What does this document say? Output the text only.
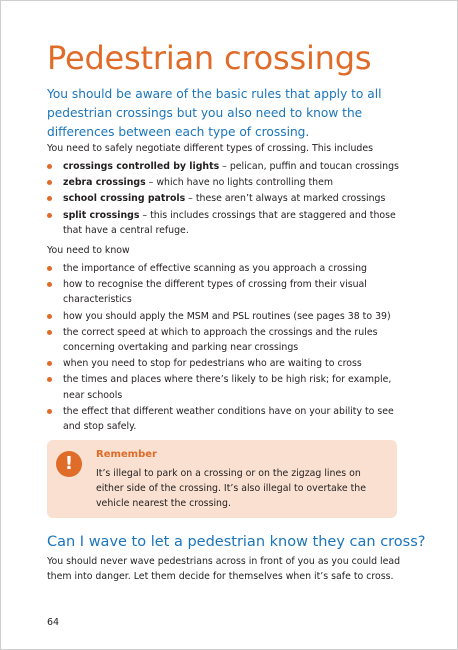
Pedestrian crossings

You should be aware of the basic rules that apply to all pedestrian crossings but you also need to know the differences between each type of crossing.

You need to safely negotiate different types of crossing. This includes

crossings controlled by lights – pelican, puffin and toucan crossings
zebra crossings – which have no lights controlling them
school crossing patrols – these aren’t always at marked crossings
split crossings – this includes crossings that are staggered and those that have a central refuge.

You need to know

the importance of effective scanning as you approach a crossing
how to recognise the different types of crossing from their visual characteristics
how you should apply the MSM and PSL routines (see pages 38 to 39)
the correct speed at which to approach the crossings and the rules concerning overtaking and parking near crossings
when you need to stop for pedestrians who are waiting to cross
the times and places where there’s likely to be high risk; for example, near schools
the effect that different weather conditions have on your ability to see and stop safely.
!	Remember

It’s illegal to park on a crossing or on the zigzag lines on either side of the crossing. It’s also illegal to overtake the vehicle nearest the crossing.

Can I wave to let a pedestrian know they can cross?

You should never wave pedestrians across in front of you as you could lead them into danger. Let them decide for themselves when it’s safe to cross.

64
